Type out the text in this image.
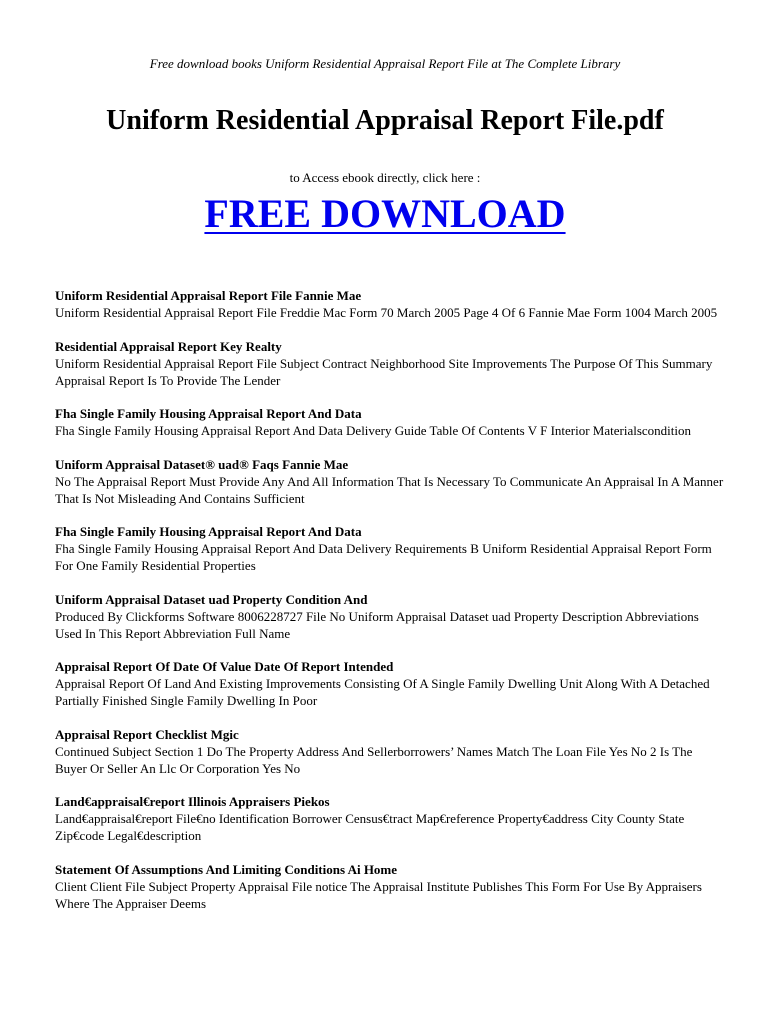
Free download books Uniform Residential Appraisal Report File at The Complete Library
Uniform Residential Appraisal Report File.pdf
to Access ebook directly, click here :
FREE DOWNLOAD
Uniform Residential Appraisal Report File Fannie Mae
Uniform Residential Appraisal Report File Freddie Mac Form 70 March 2005 Page 4 Of 6 Fannie Mae Form 1004 March 2005
Residential Appraisal Report Key Realty
Uniform Residential Appraisal Report File Subject Contract Neighborhood Site Improvements The Purpose Of This Summary Appraisal Report Is To Provide The Lender
Fha Single Family Housing Appraisal Report And Data
Fha Single Family Housing Appraisal Report And Data Delivery Guide Table Of Contents V F Interior Materialscondition
Uniform Appraisal Dataset® uad® Faqs Fannie Mae
No The Appraisal Report Must Provide Any And All Information That Is Necessary To Communicate An Appraisal In A Manner That Is Not Misleading And Contains Sufficient
Fha Single Family Housing Appraisal Report And Data
Fha Single Family Housing Appraisal Report And Data Delivery Requirements B Uniform Residential Appraisal Report Form For One Family Residential Properties
Uniform Appraisal Dataset uad Property Condition And
Produced By Clickforms Software 8006228727 File No Uniform Appraisal Dataset uad Property Description Abbreviations Used In This Report Abbreviation Full Name
Appraisal Report Of Date Of Value Date Of Report Intended
Appraisal Report Of Land And Existing Improvements Consisting Of A Single Family Dwelling Unit Along With A Detached Partially Finished Single Family Dwelling In Poor
Appraisal Report Checklist Mgic
Continued Subject Section 1 Do The Property Address And Sellerborrowers’ Names Match The Loan File Yes No 2 Is The Buyer Or Seller An Llc Or Corporation Yes No
Land€appraisal€report Illinois Appraisers Piekos
Land€appraisal€report File€no Identification Borrower Census€tract Map€reference Property€address City County State Zip€code Legal€description
Statement Of Assumptions And Limiting Conditions Ai Home
Client Client File Subject Property Appraisal File notice The Appraisal Institute Publishes This Form For Use By Appraisers Where The Appraiser Deems
